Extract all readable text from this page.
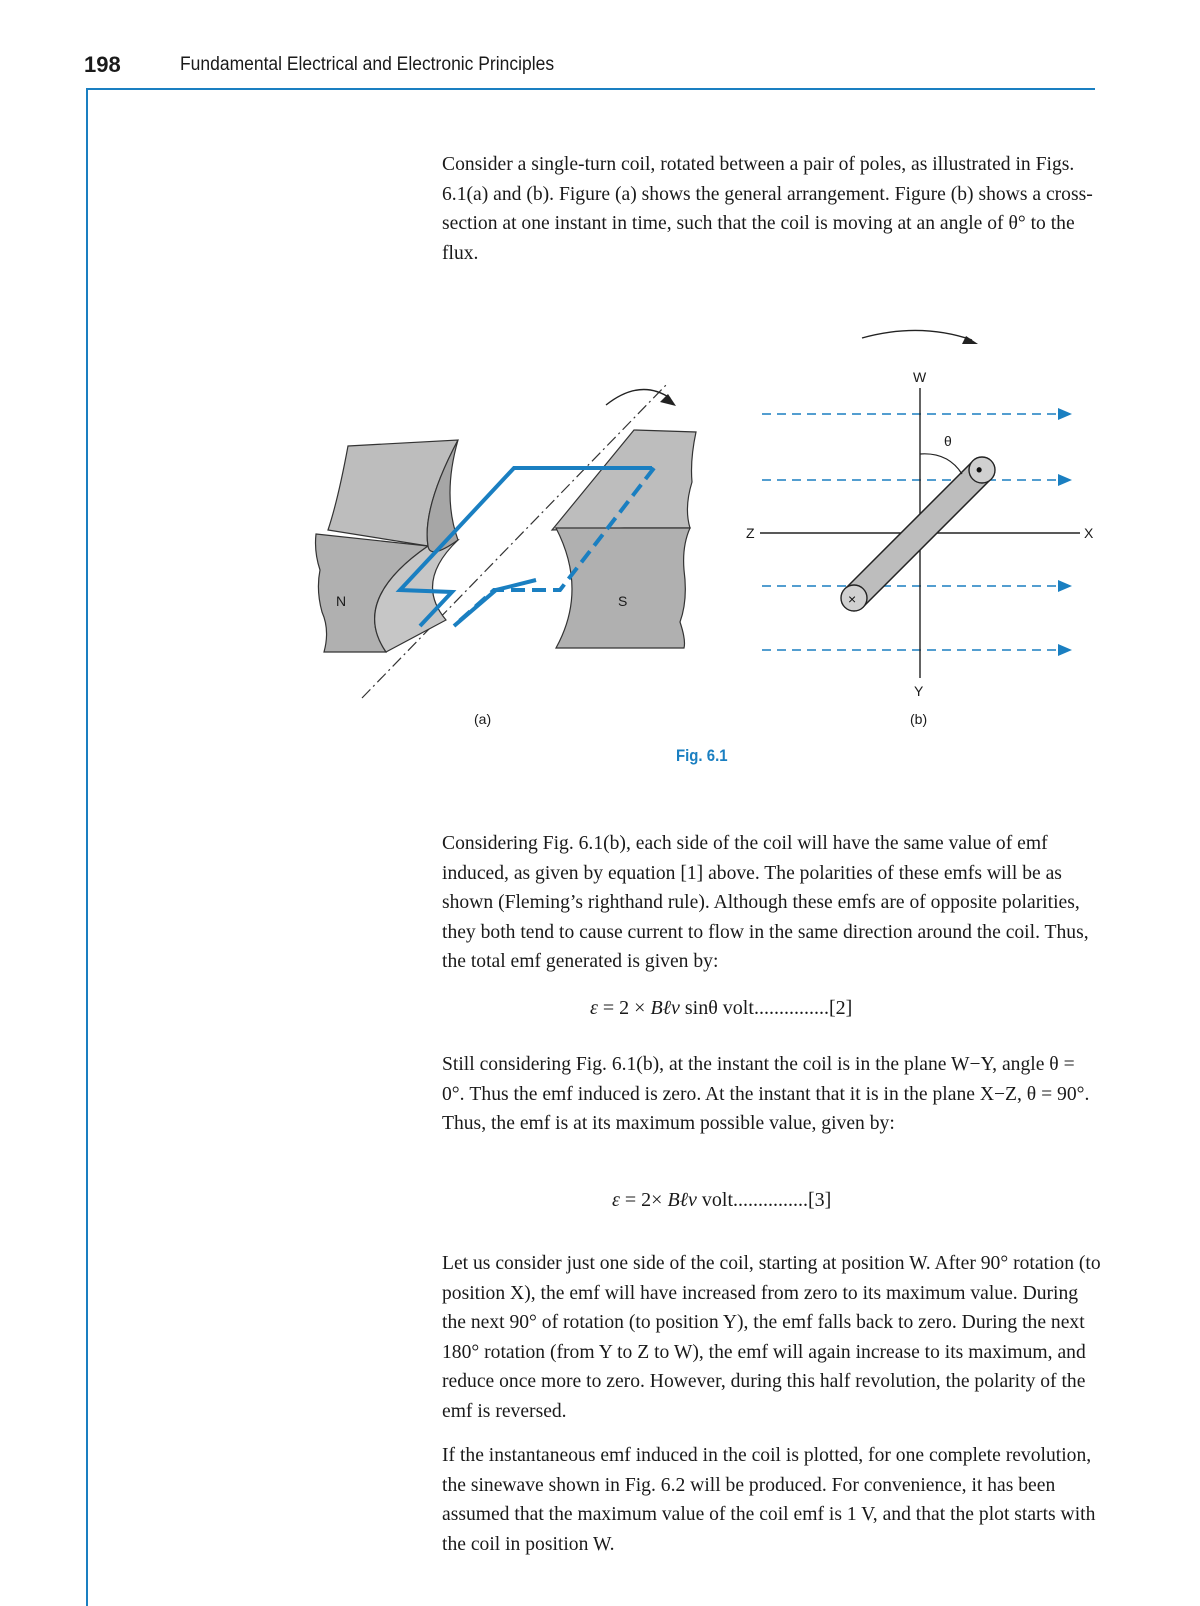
198	Fundamental Electrical and Electronic Principles

Consider a single-turn coil, rotated between a pair of poles, as illustrated in Figs. 6.1(a) and (b). Figure (a) shows the general arrangement. Figure (b) shows a cross-section at one instant in time, such that the coil is moving at an angle of θ° to the flux.

N	S
W
Y
Z	X
•
×
θ
(a)	(b)
Fig. 6.1

Considering Fig. 6.1(b), each side of the coil will have the same value of emf induced, as given by equation [1] above. The polarities of these emfs will be as shown (Fleming’s righthand rule). Although these emfs are of opposite polarities, they both tend to cause current to flow in the same direction around the coil. Thus, the total emf generated is given by:

ε = 2 × Bℓv sinθ volt...............[2]

Still considering Fig. 6.1(b), at the instant the coil is in the plane W−Y, angle θ = 0°. Thus the emf induced is zero. At the instant that it is in the plane X−Z, θ = 90°. Thus, the emf is at its maximum possible value, given by:

ε = 2× Bℓv volt...............[3]

Let us consider just one side of the coil, starting at position W. After 90° rotation (to position X), the emf will have increased from zero to its maximum value. During the next 90° of rotation (to position Y), the emf falls back to zero. During the next 180° rotation (from Y to Z to W), the emf will again increase to its maximum, and reduce once more to zero. However, during this half revolution, the polarity of the emf is reversed.

If the instantaneous emf induced in the coil is plotted, for one complete revolution, the sinewave shown in Fig. 6.2 will be produced. For convenience, it has been assumed that the maximum value of the coil emf is 1 V, and that the plot starts with the coil in position W.
